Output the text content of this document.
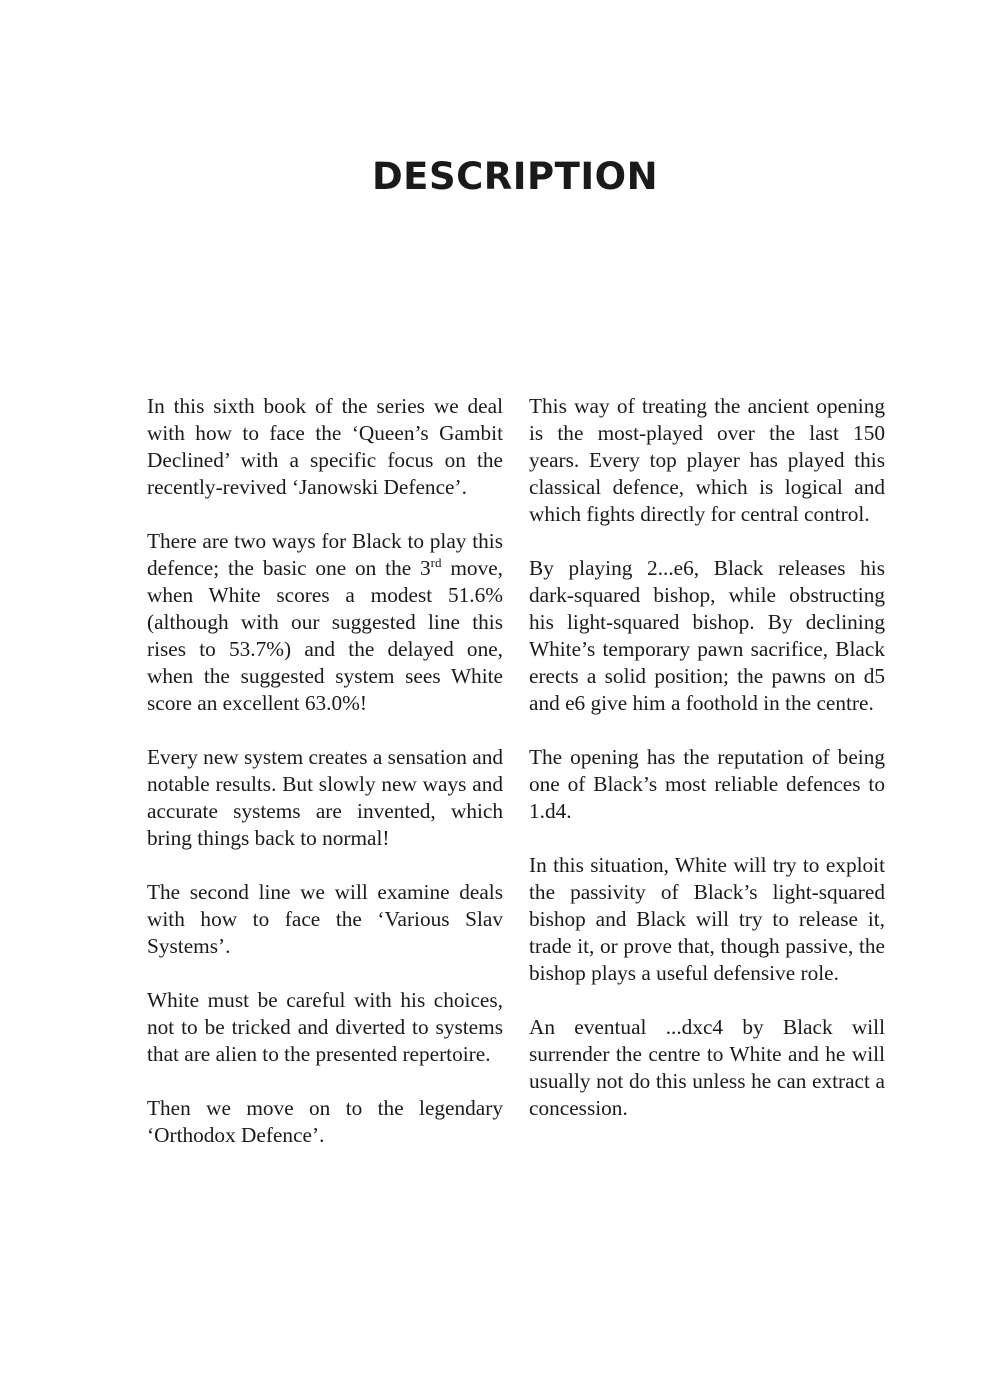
DESCRIPTION

In this sixth book of the series we deal with how to face the ‘Queen’s Gambit Declined’ with a specific focus on the recently-revived ‘Janowski Defence’.

There are two ways for Black to play this defence; the basic one on the 3rd move, when White scores a modest 51.6% (although with our suggested line this rises to 53.7%) and the delayed one, when the suggested system sees White score an excellent 63.0%!

Every new system creates a sensation and notable results. But slowly new ways and accurate systems are invented, which bring things back to normal!

The second line we will examine deals with how to face the ‘Various Slav Systems’.

White must be careful with his choices, not to be tricked and diverted to systems that are alien to the presented repertoire.

Then we move on to the legendary ‘Orthodox Defence’.

This way of treating the ancient opening is the most-played over the last 150 years. Every top player has played this classical defence, which is logical and which fights directly for central control.

By playing 2...e6, Black releases his dark-squared bishop, while obstructing his light-squared bishop. By declining White’s temporary pawn sacrifice, Black erects a solid position; the pawns on d5 and e6 give him a foothold in the centre.

The opening has the reputation of being one of Black’s most reliable defences to 1.d4.

In this situation, White will try to exploit the passivity of Black’s light-squared bishop and Black will try to release it, trade it, or prove that, though passive, the bishop plays a useful defensive role.

An eventual ...dxc4 by Black will surrender the centre to White and he will usually not do this unless he can extract a concession.
